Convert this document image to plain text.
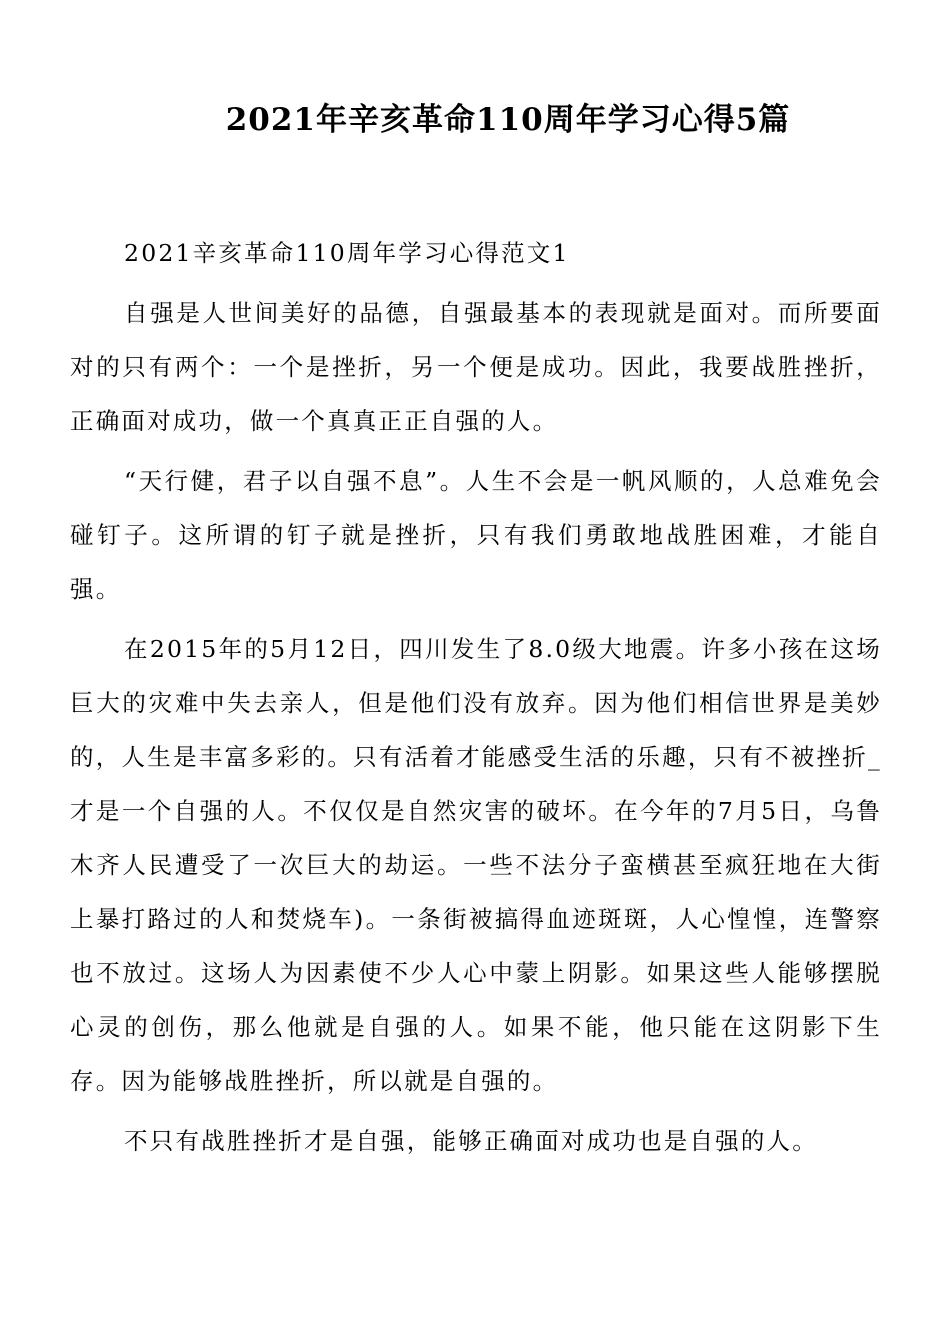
2021年辛亥革命110周年学习心得5篇

2021辛亥革命110周年学习心得范文1

自强是人世间美好的品德，自强最基本的表现就是面对。而所要面对的只有两个：一个是挫折，另一个便是成功。因此，我要战胜挫折，正确面对成功，做一个真真正正自强的人。

“天行健，君子以自强不息”。人生不会是一帆风顺的，人总难免会碰钉子。这所谓的钉子就是挫折，只有我们勇敢地战胜困难，才能自强。

在2015年的5月12日，四川发生了8.0级大地震。许多小孩在这场巨大的灾难中失去亲人，但是他们没有放弃。因为他们相信世界是美妙的，人生是丰富多彩的。只有活着才能感受生活的乐趣，只有不被挫折_才是一个自强的人。不仅仅是自然灾害的破坏。在今年的7月5日，乌鲁木齐人民遭受了一次巨大的劫运。一些不法分子蛮横甚至疯狂地在大街上暴打路过的人和焚烧车)。一条街被搞得血迹斑斑，人心惶惶，连警察也不放过。这场人为因素使不少人心中蒙上阴影。如果这些人能够摆脱心灵的创伤，那么他就是自强的人。如果不能，他只能在这阴影下生存。因为能够战胜挫折，所以就是自强的。

不只有战胜挫折才是自强，能够正确面对成功也是自强的人。
